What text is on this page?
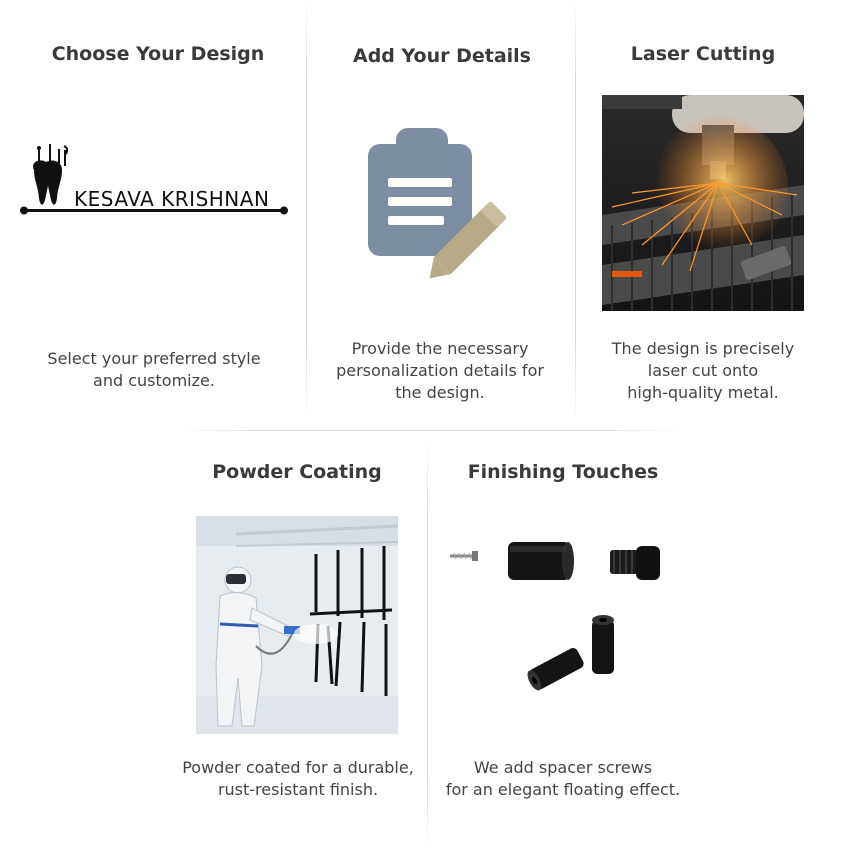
Choose Your Design
KESAVA KRISHNAN
Select your preferred style
and customize.
Add Your Details
Provide the necessary
personalization details for
the design.
Laser Cutting
The design is precisely
laser cut onto
high-quality metal.
Powder Coating
Powder coated for a durable,
rust-resistant finish.
Finishing Touches
We add spacer screws
for an elegant floating effect.
